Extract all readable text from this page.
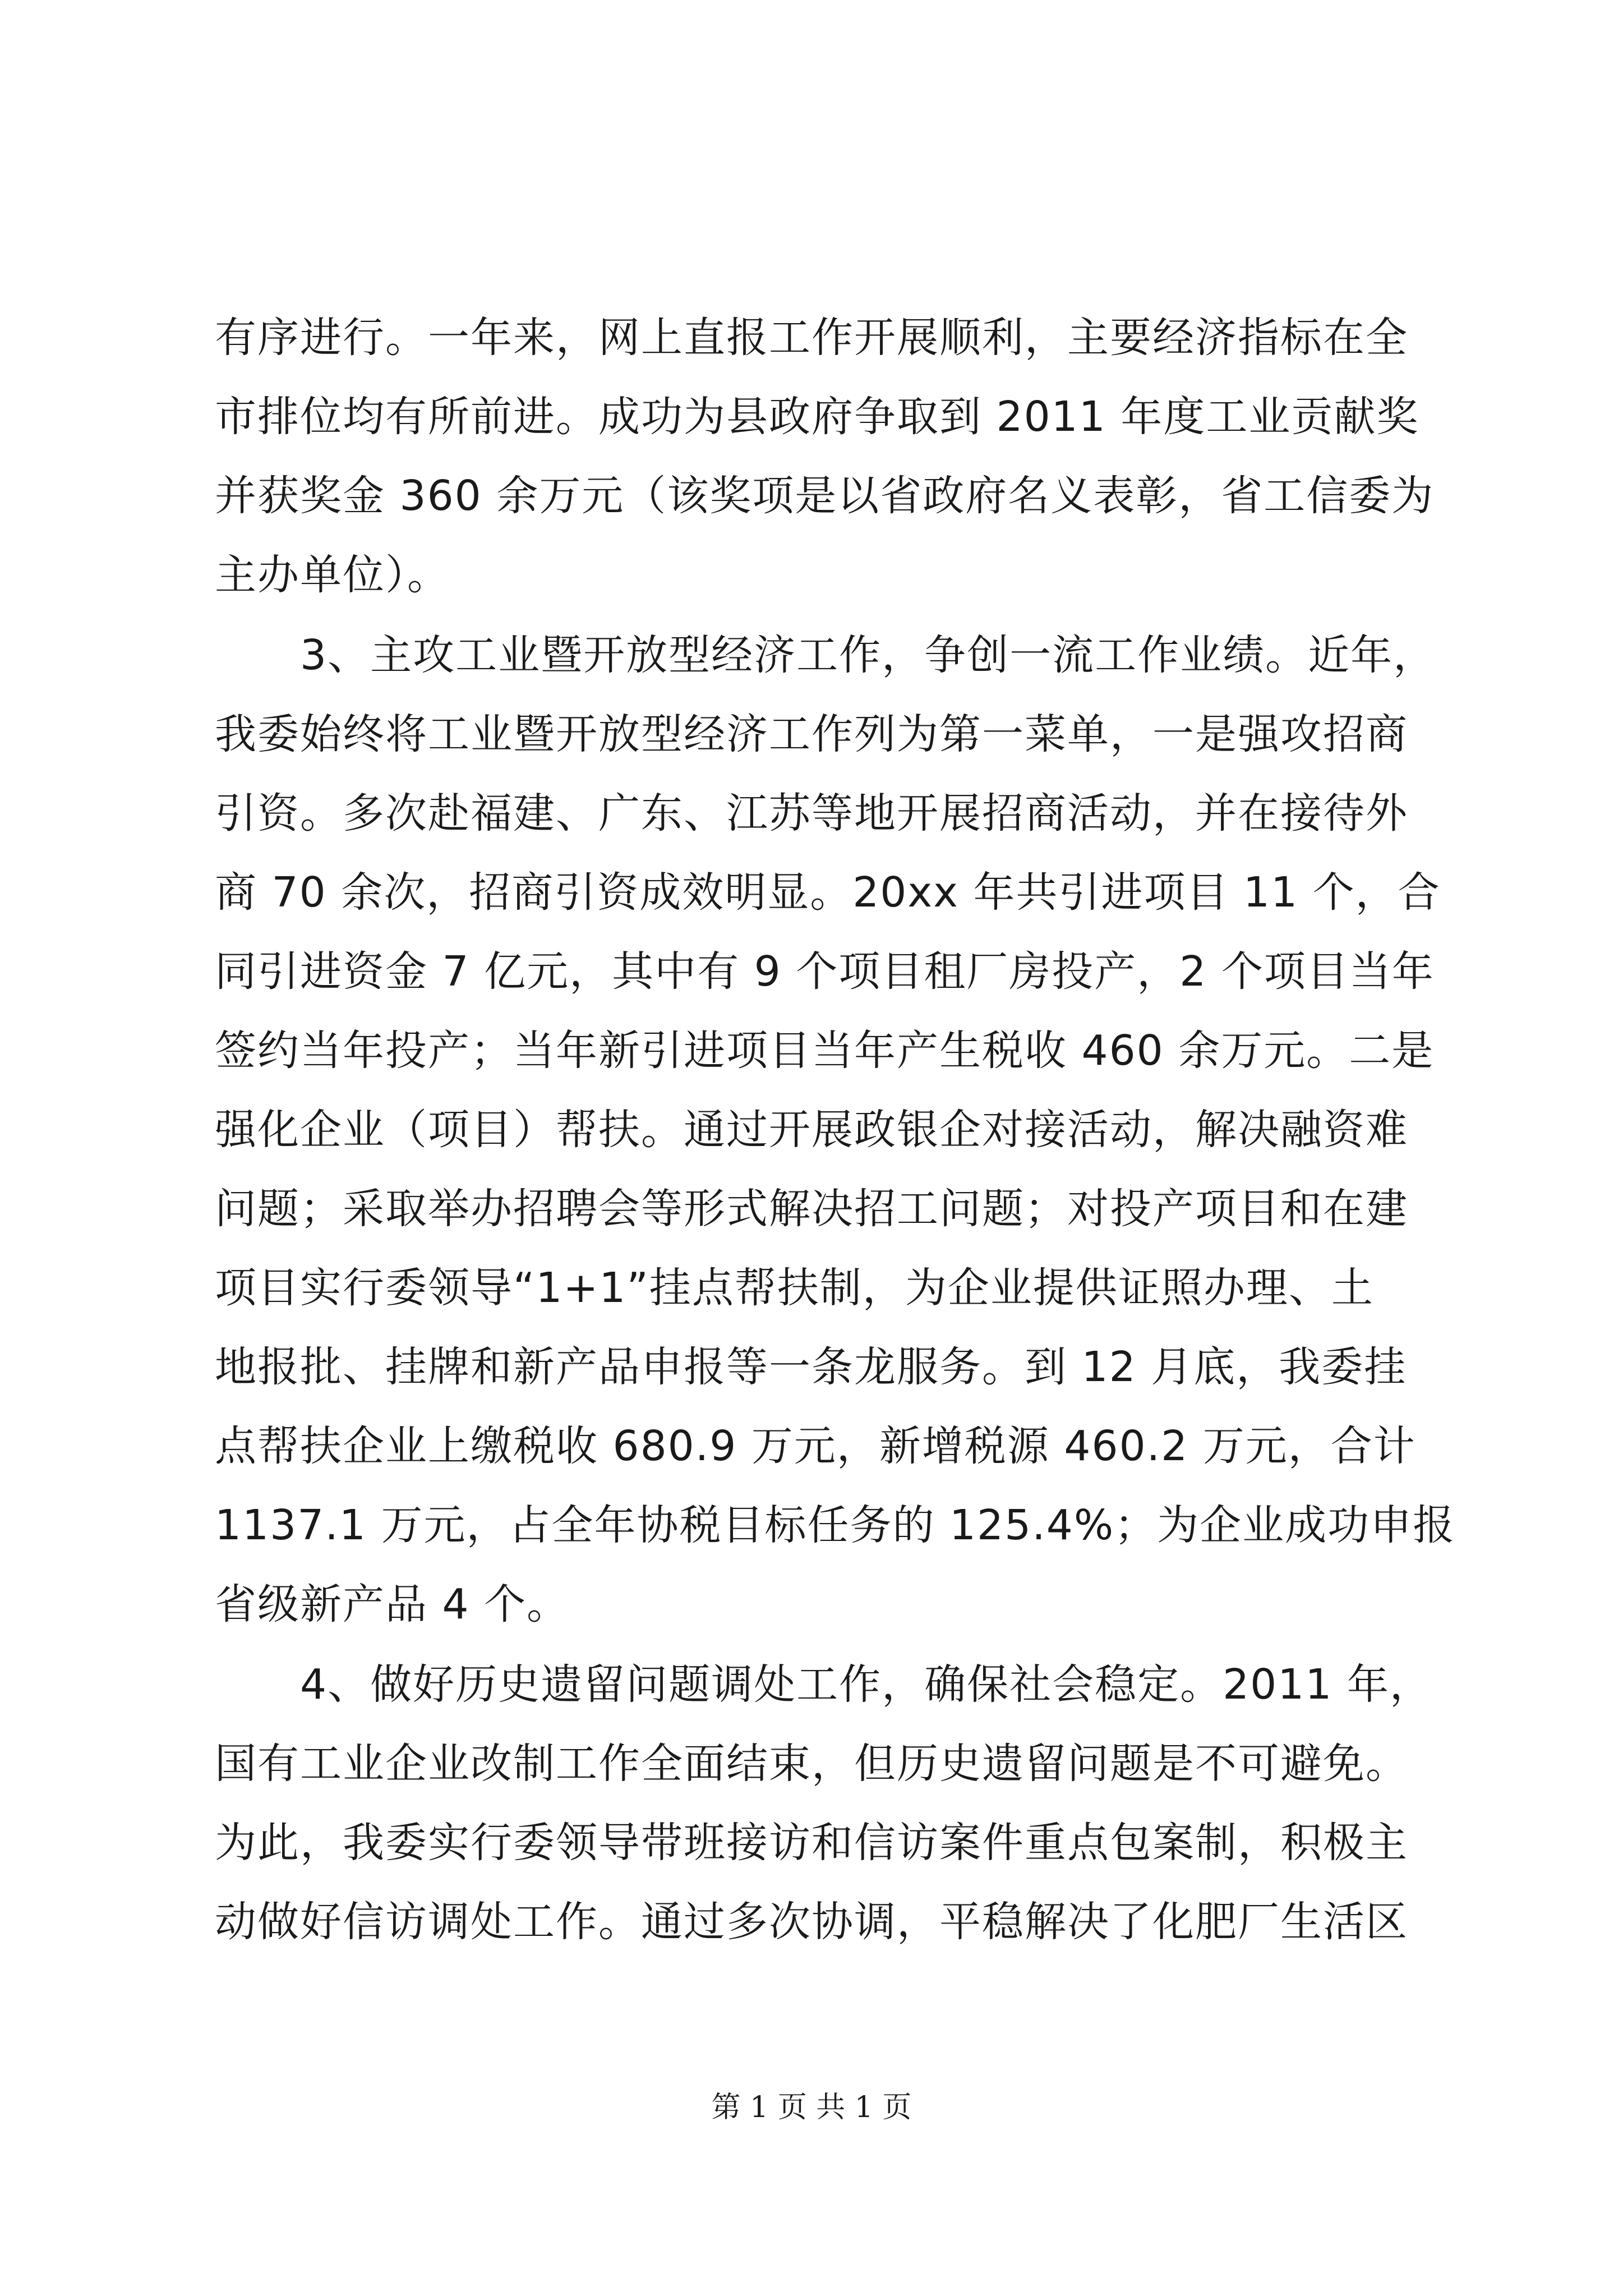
有序进行。一年来，网上直报工作开展顺利，主要经济指标在全
市排位均有所前进。成功为县政府争取到 2011 年度工业贡献奖
并获奖金 360 余万元（该奖项是以省政府名义表彰，省工信委为
主办单位）。
3、主攻工业暨开放型经济工作，争创一流工作业绩。近年，
我委始终将工业暨开放型经济工作列为第一菜单，一是强攻招商
引资。多次赴福建、广东、江苏等地开展招商活动，并在接待外
商 70 余次，招商引资成效明显。20xx 年共引进项目 11 个，合
同引进资金 7 亿元，其中有 9 个项目租厂房投产，2 个项目当年
签约当年投产；当年新引进项目当年产生税收 460 余万元。二是
强化企业（项目）帮扶。通过开展政银企对接活动，解决融资难
问题；采取举办招聘会等形式解决招工问题；对投产项目和在建
项目实行委领导“1+1”挂点帮扶制，为企业提供证照办理、土
地报批、挂牌和新产品申报等一条龙服务。到 12 月底，我委挂
点帮扶企业上缴税收 680.9 万元，新增税源 460.2 万元，合计
1137.1 万元，占全年协税目标任务的 125.4%；为企业成功申报
省级新产品 4 个。
4、做好历史遗留问题调处工作，确保社会稳定。2011 年，
国有工业企业改制工作全面结束，但历史遗留问题是不可避免。
为此，我委实行委领导带班接访和信访案件重点包案制，积极主
动做好信访调处工作。通过多次协调，平稳解决了化肥厂生活区
第 1 页 共 1 页
